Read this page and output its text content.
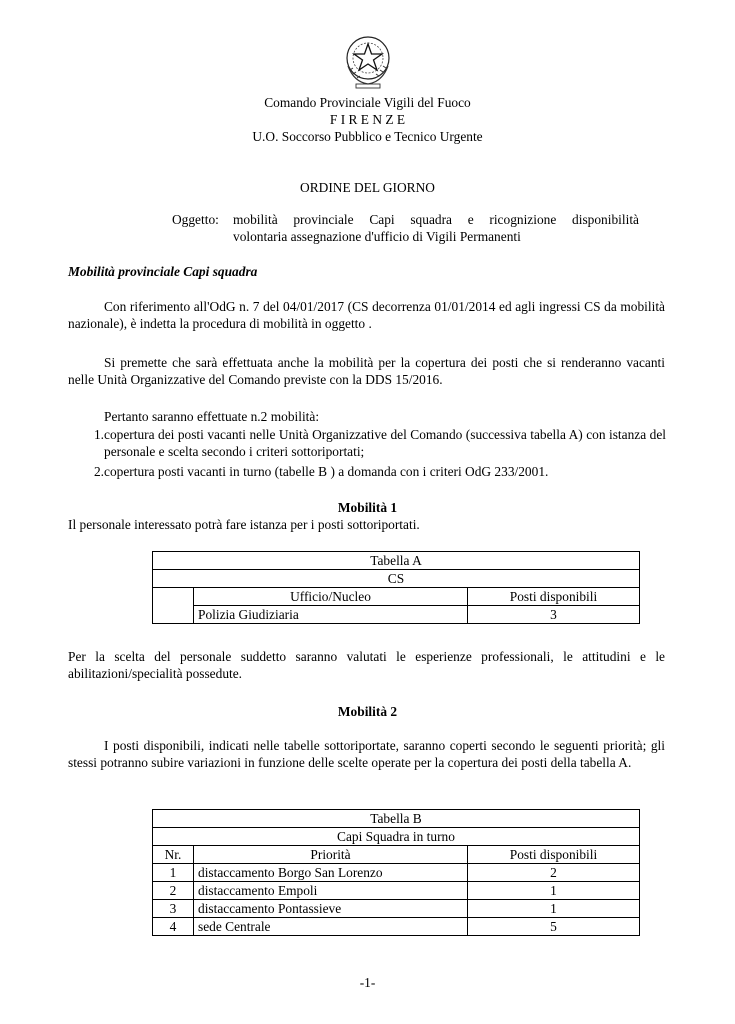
Comando Provinciale Vigili del Fuoco
F I R E N Z E
U.O. Soccorso Pubblico e Tecnico Urgente
ORDINE DEL GIORNO
Oggetto: mobilità provinciale Capi squadra e ricognizione disponibilità
volontaria assegnazione d'ufficio di Vigili Permanenti
Mobilità provinciale Capi squadra
Con riferimento all'OdG n. 7 del 04/01/2017 (CS decorrenza 01/01/2014 ed agli ingressi CS da mobilità nazionale), è indetta la procedura di mobilità in oggetto .
Si premette che sarà effettuata anche la mobilità per la copertura dei posti che si renderanno vacanti nelle Unità Organizzative del Comando previste con la DDS 15/2016.
Pertanto saranno effettuate n.2 mobilità:
1. copertura dei posti vacanti nelle Unità Organizzative del Comando (successiva tabella A) con istanza del personale e scelta secondo i criteri sottoriportati;
2. copertura posti vacanti in turno (tabelle B ) a domanda con i criteri OdG 233/2001.
Mobilità 1
Il personale interessato potrà fare istanza per i posti sottoriportati.
Tabella A		
CS		
	Ufficio/Nucleo	Posti disponibili
	Polizia Giudiziaria	3
Per la scelta del personale suddetto saranno valutati le esperienze professionali, le attitudini e le abilitazioni/specialità possedute.
Mobilità 2
I posti disponibili, indicati nelle tabelle sottoriportate, saranno coperti secondo le seguenti priorità; gli stessi potranno subire variazioni in funzione delle scelte operate per la copertura dei posti della tabella A.
Tabella B		
Capi Squadra in turno		
Nr.	Priorità	Posti disponibili
1	distaccamento Borgo San Lorenzo	2
2	distaccamento Empoli	1
3	distaccamento Pontassieve	1
4	sede Centrale	5
-1-
